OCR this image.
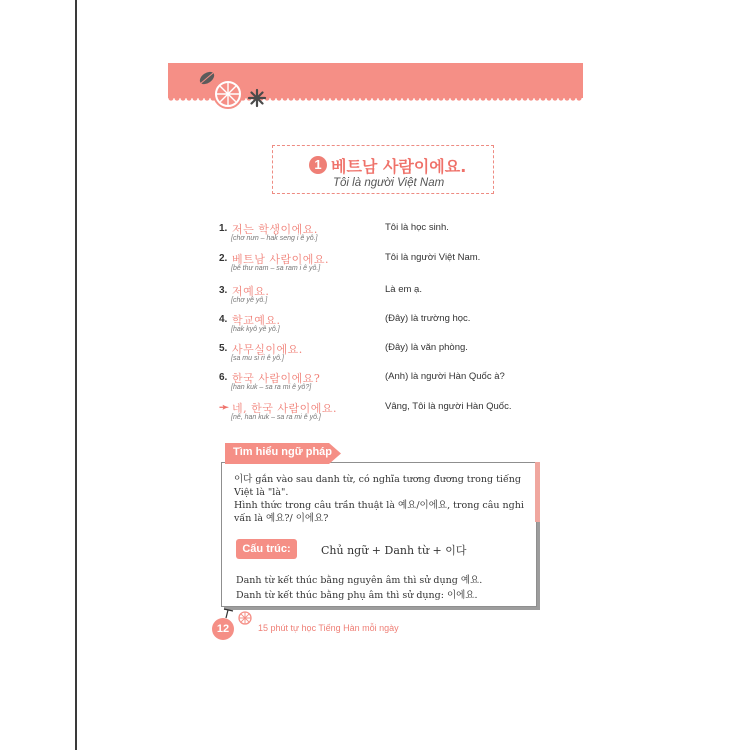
1 베트남 사람이에요.
Tôi là người Việt Nam
1. 저는 학생이에요.
[chơ nưn – hak seng i ê yô.]
Tôi là học sinh.
2. 베트남 사람이에요.
[bê thư nam – sa ram i ê yô.]
Tôi là người Việt Nam.
3. 저예요.
[chơ yê yô.]
Là em ạ.
4. 학교예요.
[hak kyô yê yô.]
(Đây) là trường học.
5. 사무실이에요.
[sa mu si ri ê yô.]
(Đây) là văn phòng.
6. 한국 사람이에요?
[han kuk – sa ra mi ê yô?]
(Anh) là người Hàn Quốc à?
➛ 네, 한국 사람이에요.
[nê, han kuk – sa ra mi ê yô.]
Vâng, Tôi là người Hàn Quốc.
Tìm hiểu ngữ pháp
이다 gắn vào sau danh từ, có nghĩa tương đương trong tiếng Việt là "là".
Hình thức trong câu trần thuật là 예요/이에요, trong câu nghi vấn là 예요?/ 이에요?
Cấu trúc:	Chủ ngữ + Danh từ + 이다
Danh từ kết thúc bằng nguyên âm thì sử dụng 예요.
Danh từ kết thúc bằng phụ âm thì sử dụng: 이에요.
12	15 phút tự học Tiếng Hàn mỗi ngày
